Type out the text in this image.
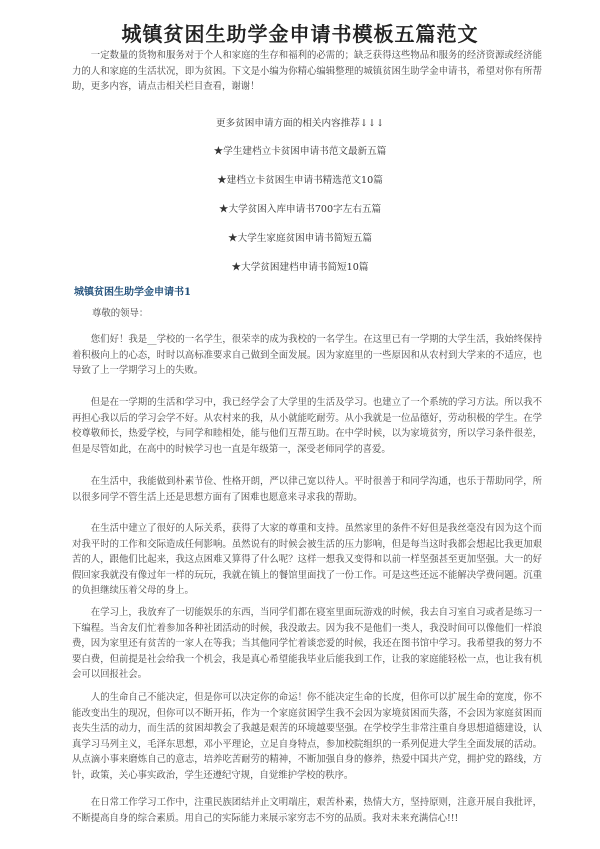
城镇贫困生助学金申请书模板五篇范文

一定数量的货物和服务对于个人和家庭的生存和福利的必需的；缺乏获得这些物品和服务的经济资源或经济能力的人和家庭的生活状况，即为贫困。下文是小编为你精心编辑整理的城镇贫困生助学金申请书，希望对你有所帮助，更多内容，请点击相关栏目查看，谢谢！

更多贫困申请方面的相关内容推荐↓↓↓
★学生建档立卡贫困申请书范文最新五篇
★建档立卡贫困生申请书精选范文10篇
★大学贫困入库申请书700字左右五篇
★大学生家庭贫困申请书简短五篇
★大学贫困建档申请书简短10篇
城镇贫困生助学金申请书1
尊敬的领导：

您们好！我是__学校的一名学生，很荣幸的成为我校的一名学生。在这里已有一学期的大学生活，我始终保持着积极向上的心态，时时以高标准要求自己做到全面发展。因为家庭里的一些原因和从农村到大学来的不适应，也导致了上一学期学习上的失败。

但是在一学期的生活和学习中，我已经学会了大学里的生活及学习。也建立了一个系统的学习方法。所以我不再担心我以后的学习会学不好。从农村来的我，从小就能吃耐劳。从小我就是一位品德好，劳动积极的学生。在学校尊敬师长，热爱学校，与同学和睦相处，能与他们互帮互助。在中学时候，以为家境贫穷，所以学习条件很差，但是尽管如此，在高中的时候学习也一直是年级第一，深受老师同学的喜爱。

在生活中，我能做到朴素节俭、性格开朗，严以律己宽以待人。平时很善于和同学沟通，也乐于帮助同学，所以很多同学不管生活上还是思想方面有了困难也愿意来寻求我的帮助。

在生活中建立了很好的人际关系，获得了大家的尊重和支持。虽然家里的条件不好但是我丝毫没有因为这个而对我平时的工作和交际造成任何影响。虽然说有的时候会被生活的压力影响，但是每当这时我都会想起比我更加艰苦的人，跟他们比起来，我这点困难又算得了什么呢？这样一想我又变得和以前一样坚强甚至更加坚强。大一的好假回家我就没有像过年一样的玩玩，我就在镇上的餐馆里面找了一份工作。可是这些还远不能解决学费问题。沉重的负担继续压着父母的身上。

在学习上，我放弃了一切能娱乐的东西，当同学们都在寝室里面玩游戏的时候，我去自习室自习或者是练习一下编程。当舍友们忙着参加各种社团活动的时候，我没敢去。因为我不是他们一类人，我没时间可以像他们一样浪费，因为家里还有贫苦的一家人在等我；当其他同学忙着谈恋爱的时候，我还在图书馆中学习。我希望我的努力不要白费，但前提是社会给我一个机会，我是真心希望能我毕业后能我到工作，让我的家庭能轻松一点，也让我有机会可以回报社会。

人的生命自己不能决定，但是你可以决定你的命运！你不能决定生命的长度，但你可以扩展生命的宽度，你不能改变出生的现况，但你可以不断开拓，作为一个家庭贫困学生我不会因为家境贫困而失落，不会因为家庭贫困而丧失生活的动力，而生活的贫困却教会了我越是艰苦的环境越要坚强。在学校学生非常注重自身思想道德建设，认真学习马列主义，毛泽东思想，邓小平理论，立足自身特点，参加校院组织的一系列促进大学生全面发展的活动。从点滴小事来磨炼自己的意志，培养吃苦耐劳的精神，不断加强自身的修养，热爱中国共产党，拥护党的路线，方针，政策，关心事实政治，学生还遵纪守规，自觉维护学校的秩序。

在日常工作学习工作中，注重民族团结并止文明端庄，艰苦朴素，热情大方，坚持原则，注意开展自我批评，不断提高自身的综合素质。用自己的实际能力来展示家穷志不穷的品质。我对未来充满信心!!!
